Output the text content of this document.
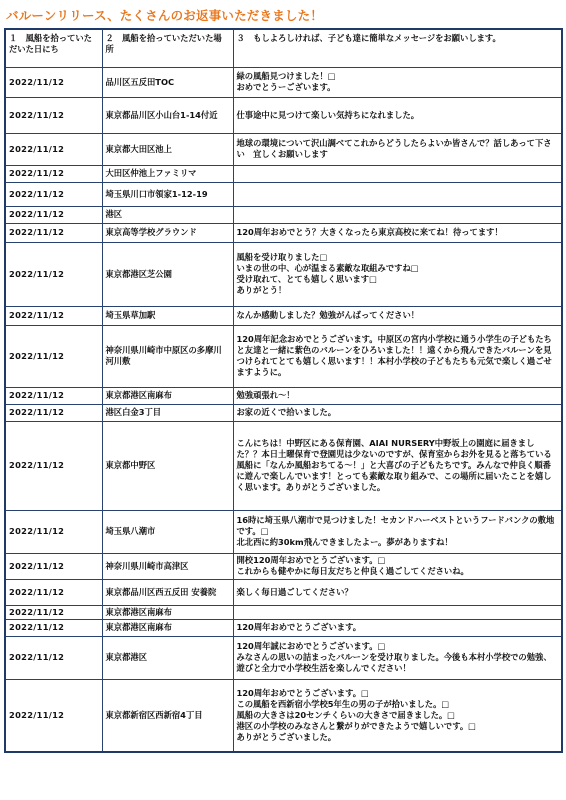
バルーンリリース、たくさんのお返事いただきました！
１　風船を拾っていただいた日にち	２　風船を拾っていただいた場所	３　もしよろしければ、子ども達に簡単なメッセージをお願いします。
2022/11/12	品川区五反田TOC	緑の風船見つけました！□
おめでとうーございます。
2022/11/12	東京都品川区小山台1-14付近	仕事途中に見つけて楽しい気持ちになれました。
2022/11/12	東京都大田区池上	地球の環境について沢山調べてこれからどうしたらよいか皆さんで？話しあって下さい　宜しくお願いします
2022/11/12	大田区仲池上ファミリマ	
2022/11/12	埼玉県川口市領家1-12-19	
2022/11/12	港区	
2022/11/12	東京高等学校グラウンド	120周年おめでとう？大きくなったら東京高校に来てね！待ってます！
2022/11/12	東京都港区芝公園	風船を受け取りました□
いまの世の中、心が温まる素敵な取組みですね□
受け取れて、とても嬉しく思います□
ありがとう！
2022/11/12	埼玉県草加駅	なんか感動しました？勉強がんばってください！
2022/11/12	神奈川県川崎市中原区の多摩川河川敷	120周年記念おめでとうございます。中原区の宮内小学校に通う小学生の子どもたちと友達と一緒に紫色のバルーンをひろいました！！遠くから飛んできたバルーンを見つけられてとても嬉しく思います！！本村小学校の子どもたちも元気で楽しく過ごせますように。
2022/11/12	東京都港区南麻布	勉強頑張れ～！
2022/11/12	港区白金3丁目	お家の近くで拾いました。
2022/11/12	東京都中野区	こんにちは！中野区にある保育園、AIAI NURSERY中野坂上の園庭に届きました？？本日土曜保育で登園児は少ないのですが、保育室からお外を見ると落ちている風船に「なんか風船おちてる～！」と大喜びの子どもたちです。みんなで仲良く順番に遊んで楽しんでいます！とっても素敵な取り組みで、この場所に届いたことを嬉しく思います。ありがとうございました。
2022/11/12	埼玉県八潮市	16時に埼玉県八潮市で見つけました！セカンドハーベストというフードバンクの敷地です。□
北北西に約30km飛んできましたよー。夢がありますね！
2022/11/12	神奈川県川崎市高津区	開校120周年おめでとうございます。□
これからも健やかに毎日友だちと仲良く過ごしてくださいね。
2022/11/12	東京都品川区西五反田 安養院	楽しく毎日過ごしてください？
2022/11/12	東京都港区南麻布	
2022/11/12	東京都港区南麻布	120周年おめでとうございます。
2022/11/12	東京都港区	120周年誠におめでとうございます。□
みなさんの思いの詰まったバルーンを受け取りました。今後も本村小学校での勉強、遊びと全力で小学校生活を楽しんでください！
2022/11/12	東京都新宿区西新宿4丁目	120周年おめでとうございます。□
この風船を西新宿小学校5年生の男の子が拾いました。□
風船の大きさは20センチくらいの大きさで届きました。□
港区の小学校のみなさんと繋がりができたようで嬉しいです。□
ありがとうございました。
